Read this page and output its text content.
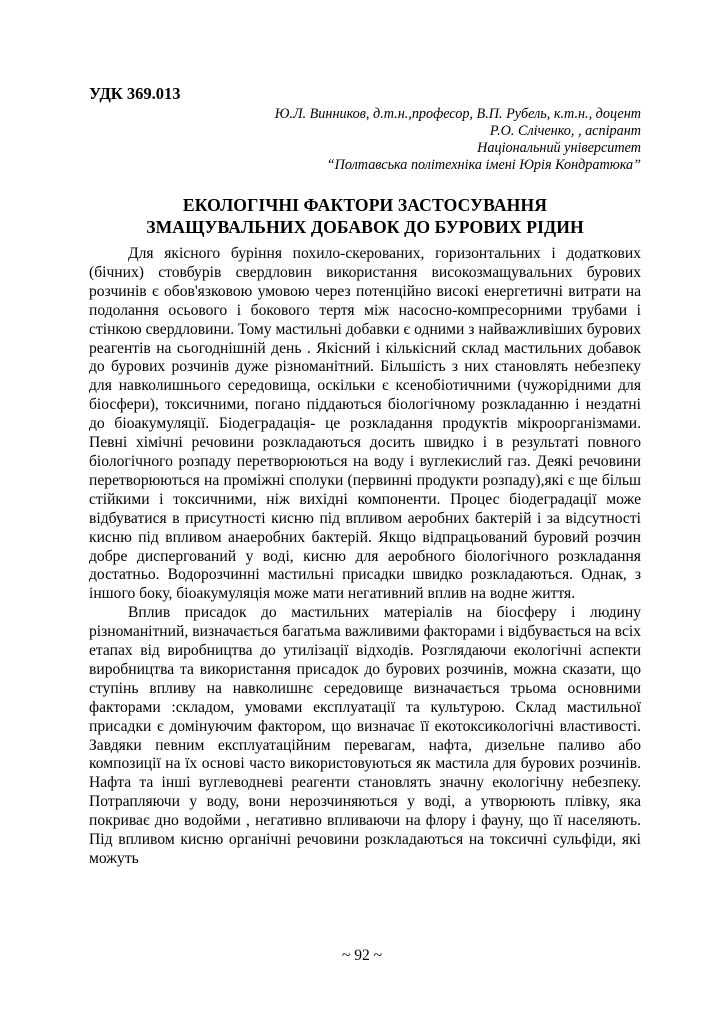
УДК 369.013

Ю.Л. Винников, д.т.н.,професор, В.П. Рубель, к.т.н., доцент
Р.О. Сліченко, , аспірант
Національний університет
“Полтавська політехніка імені Юрія Кондратюка”
ЕКОЛОГІЧНІ ФАКТОРИ ЗАСТОСУВАННЯ
ЗМАЩУВАЛЬНИХ ДОБАВОК ДО БУРОВИХ РІДИН

Для якісного буріння похило-скерованих, горизонтальних і додаткових (бічних) стовбурів свердловин використання високозмащувальних бурових розчинів є обов'язковою умовою через потенційно високі енергетичні витрати на подолання осьового і бокового тертя між насосно-компресорними трубами і стінкою свердловини. Тому мастильні добавки є одними з найважливіших бурових реагентів на сьогоднішній день . Якісний і кількісний склад мастильних добавок до бурових розчинів дуже різноманітний. Більшість з них становлять небезпеку для навколишнього середовища, оскільки є ксенобіотичними (чужорідними для біосфери), токсичними, погано піддаються біологічному розкладанню і нездатні до біоакумуляції. Біодеградація- це розкладання продуктів мікроорганізмами. Певні хімічні речовини розкладаються досить швидко і в результаті повного біологічного розпаду перетворюються на воду і вуглекислий газ. Деякі речовини перетворюються на проміжні сполуки (первинні продукти розпаду),які є ще більш стійкими і токсичними, ніж вихідні компоненти. Процес біодеградації може відбуватися в присутності кисню під впливом аеробних бактерій і за відсутності кисню під впливом анаеробних бактерій. Якщо відпрацьований буровий розчин добре диспергований у воді, кисню для аеробного біологічного розкладання достатньо. Водорозчинні мастильні присадки швидко розкладаються. Однак, з іншого боку, біоакумуляція може мати негативний вплив на водне життя.

Вплив присадок до мастильних матеріалів на біосферу і людину різноманітний, визначається багатьма важливими факторами і відбувається на всіх етапах від виробництва до утилізації відходів. Розглядаючи екологічні аспекти виробництва та використання присадок до бурових розчинів, можна сказати, що ступінь впливу на навколишнє середовище визначається трьома основними факторами :складом, умовами експлуатації та культурою. Склад мастильної присадки є домінуючим фактором, що визначає її екотоксикологічні властивості. Завдяки певним експлуатаційним перевагам, нафта, дизельне паливо або композиції на їх основі часто використовуються як мастила для бурових розчинів. Нафта та інші вуглеводневі реагенти становлять значну екологічну небезпеку. Потрапляючи у воду, вони нерозчиняються у воді, а утворюють плівку, яка покриває дно водойми , негативно впливаючи на флору і фауну, що її населяють. Під впливом кисню органічні речовини розкладаються на токсичні сульфіди, які можуть

~ 92 ~
